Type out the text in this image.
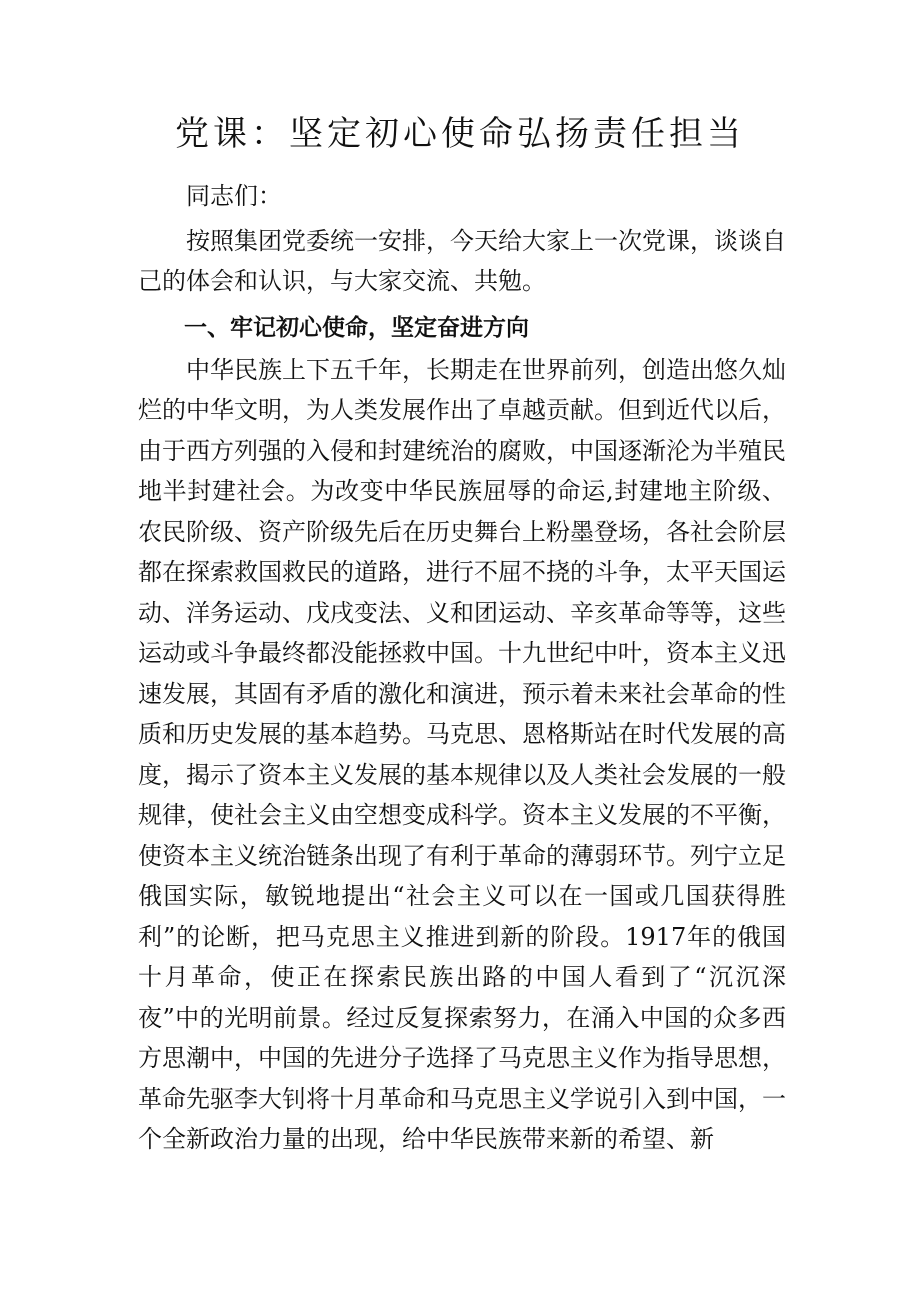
党课：坚定初心使命弘扬责任担当

同志们：

按照集团党委统一安排，今天给大家上一次党课，谈谈自己的体会和认识，与大家交流、共勉。

一、牢记初心使命，坚定奋进方向

中华民族上下五千年，长期走在世界前列，创造出悠久灿烂的中华文明，为人类发展作出了卓越贡献。但到近代以后，由于西方列强的入侵和封建统治的腐败，中国逐渐沦为半殖民地半封建社会。为改变中华民族屈辱的命运,封建地主阶级、农民阶级、资产阶级先后在历史舞台上粉墨登场，各社会阶层都在探索救国救民的道路，进行不屈不挠的斗争，太平天国运动、洋务运动、戊戌变法、义和团运动、辛亥革命等等，这些运动或斗争最终都没能拯救中国。十九世纪中叶，资本主义迅速发展，其固有矛盾的激化和演进，预示着未来社会革命的性质和历史发展的基本趋势。马克思、恩格斯站在时代发展的高度，揭示了资本主义发展的基本规律以及人类社会发展的一般规律，使社会主义由空想变成科学。资本主义发展的不平衡，使资本主义统治链条出现了有利于革命的薄弱环节。列宁立足俄国实际，敏锐地提出“社会主义可以在一国或几国获得胜利”的论断，把马克思主义推进到新的阶段。1917年的俄国十月革命，使正在探索民族出路的中国人看到了“沉沉深夜”中的光明前景。经过反复探索努力，在涌入中国的众多西方思潮中，中国的先进分子选择了马克思主义作为指导思想，革命先驱李大钊将十月革命和马克思主义学说引入到中国，一个全新政治力量的出现，给中华民族带来新的希望、新
